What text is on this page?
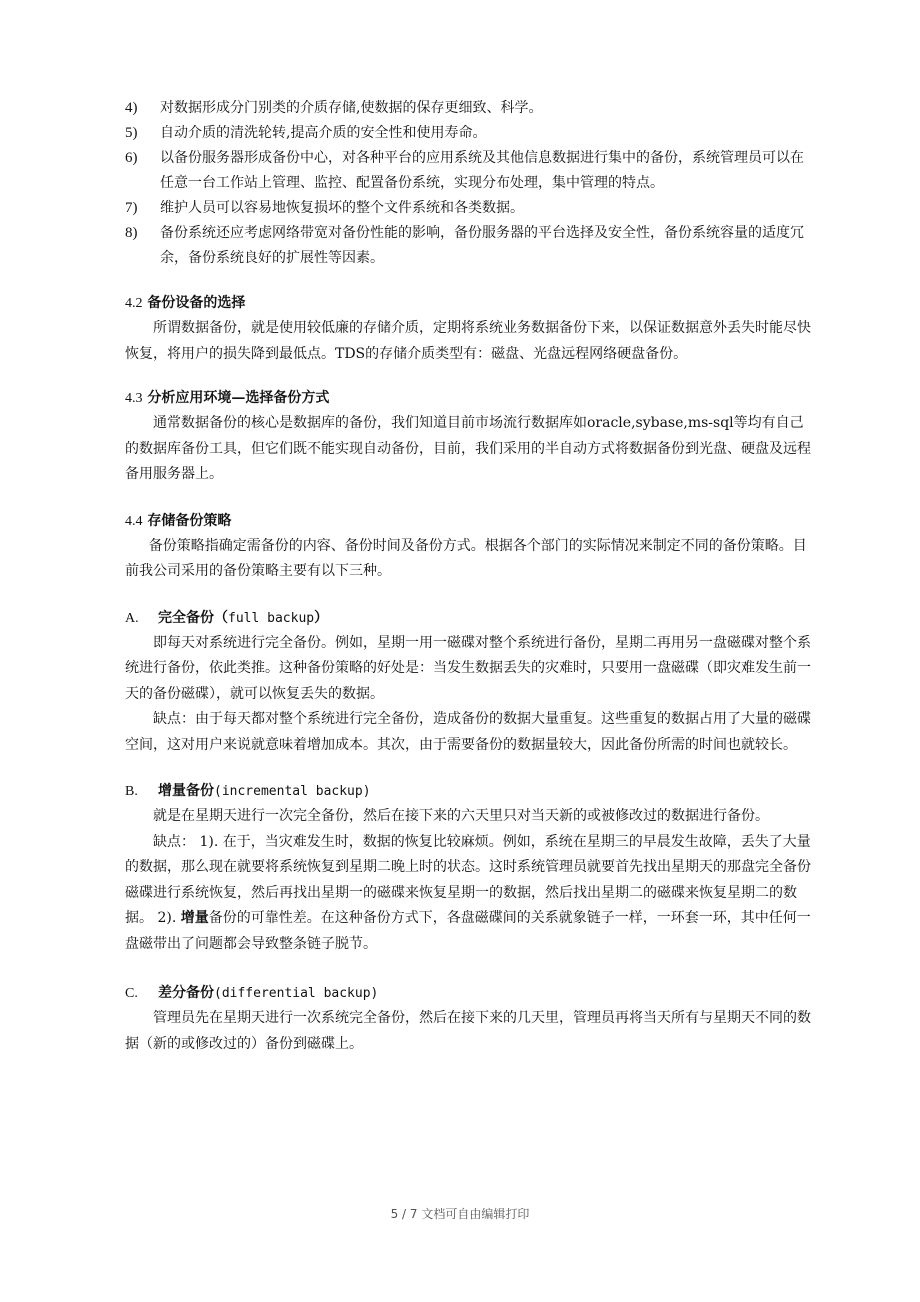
4)	对数据形成分门别类的介质存储,使数据的保存更细致、科学。
5)	自动介质的清洗轮转,提高介质的安全性和使用寿命。
6)	以备份服务器形成备份中心，对各种平台的应用系统及其他信息数据进行集中的备份，系统管理员可以在任意一台工作站上管理、监控、配置备份系统，实现分布处理，集中管理的特点。
7)	维护人员可以容易地恢复损坏的整个文件系统和各类数据。
8)	备份系统还应考虑网络带宽对备份性能的影响，备份服务器的平台选择及安全性，备份系统容量的适度冗余，备份系统良好的扩展性等因素。

4.2 备份设备的选择

所谓数据备份，就是使用较低廉的存储介质，定期将系统业务数据备份下来，以保证数据意外丢失时能尽快恢复，将用户的损失降到最低点。TDS的存储介质类型有：磁盘、光盘远程网络硬盘备份。

4.3 分析应用环境—选择备份方式

通常数据备份的核心是数据库的备份，我们知道目前市场流行数据库如oracle,sybase,ms-sql等均有自己的数据库备份工具，但它们既不能实现自动备份，目前，我们采用的半自动方式将数据备份到光盘、硬盘及远程备用服务器上。

4.4 存储备份策略

备份策略指确定需备份的内容、备份时间及备份方式。根据各个部门的实际情况来制定不同的备份策略。目前我公司采用的备份策略主要有以下三种。

A. 完全备份（full backup）

即每天对系统进行完全备份。例如，星期一用一磁碟对整个系统进行备份，星期二再用另一盘磁碟对整个系统进行备份，依此类推。这种备份策略的好处是：当发生数据丢失的灾难时，只要用一盘磁碟（即灾难发生前一天的备份磁碟），就可以恢复丢失的数据。

缺点：由于每天都对整个系统进行完全备份，造成备份的数据大量重复。这些重复的数据占用了大量的磁碟空间，这对用户来说就意味着增加成本。其次，由于需要备份的数据量较大，因此备份所需的时间也就较长。

B. 增量备份(incremental backup)

就是在星期天进行一次完全备份，然后在接下来的六天里只对当天新的或被修改过的数据进行备份。

缺点： 1). 在于，当灾难发生时，数据的恢复比较麻烦。例如，系统在星期三的早晨发生故障，丢失了大量的数据，那么现在就要将系统恢复到星期二晚上时的状态。这时系统管理员就要首先找出星期天的那盘完全备份磁碟进行系统恢复，然后再找出星期一的磁碟来恢复星期一的数据，然后找出星期二的磁碟来恢复星期二的数据。 2). 增量备份的可靠性差。在这种备份方式下，各盘磁碟间的关系就象链子一样，一环套一环，其中任何一盘磁带出了问题都会导致整条链子脱节。

C. 差分备份(differential backup)

管理员先在星期天进行一次系统完全备份，然后在接下来的几天里，管理员再将当天所有与星期天不同的数据（新的或修改过的）备份到磁碟上。

5 / 7 文档可自由编辑打印
